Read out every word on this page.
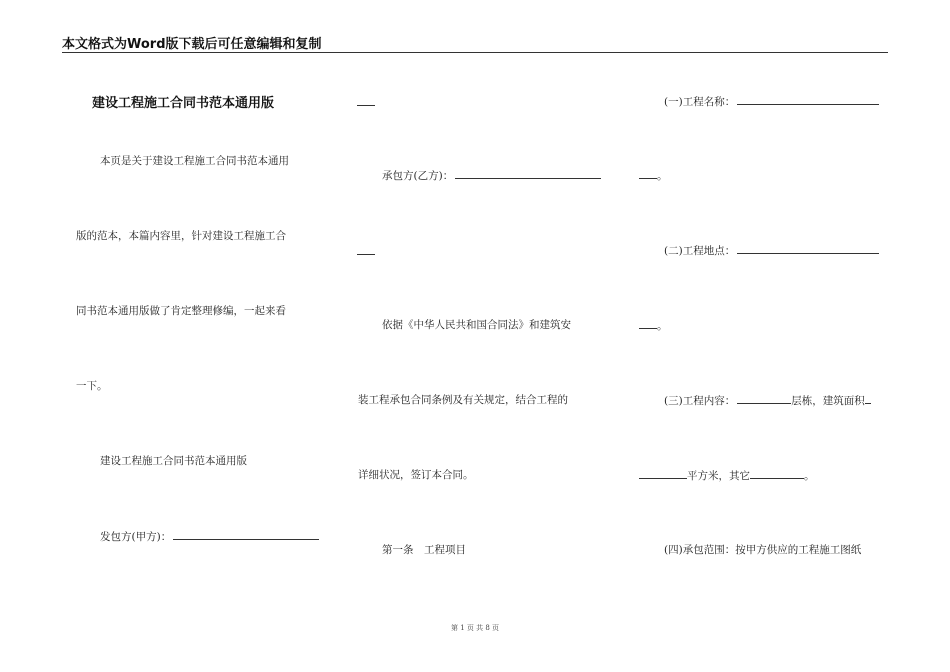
本文格式为Word版下载后可任意编辑和复制
建设工程施工合同书范本通用版
本页是关于建设工程施工合同书范本通用
版的范本，本篇内容里，针对建设工程施工合
同书范本通用版做了肯定整理修编，一起来看
一下。
建设工程施工合同书范本通用版
发包方(甲方)：
承包方(乙方)：
依据《中华人民共和国合同法》和建筑安
装工程承包合同条例及有关规定，结合工程的
详细状况，签订本合同。
第一条　工程项目
(一)工程名称：
。
(二)工程地点：
。
(三)工程内容：	层栋，建筑面积
平方米，其它	。
(四)承包范围：按甲方供应的工程施工图纸
第 1 页 共 8 页
